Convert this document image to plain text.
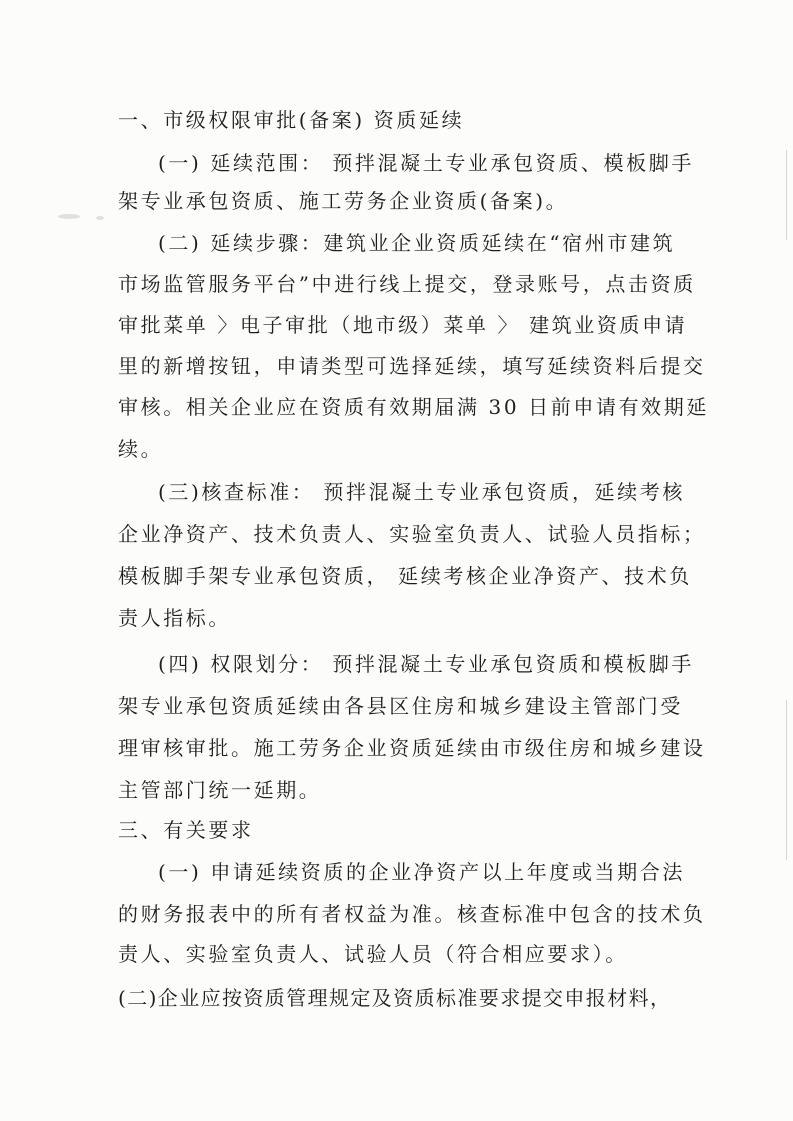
一、市级权限审批(备案) 资质延续
(一) 延续范围： 预拌混凝土专业承包资质、模板脚手
架专业承包资质、施工劳务企业资质(备案)。
(二) 延续步骤：建筑业企业资质延续在“宿州市建筑
市场监管服务平台”中进行线上提交，登录账号，点击资质
审批菜单 〉电子审批（地市级）菜单 〉 建筑业资质申请
里的新增按钮，申请类型可选择延续，填写延续资料后提交
审核。相关企业应在资质有效期届满 30 日前申请有效期延
续。
(三)核查标准： 预拌混凝土专业承包资质，延续考核
企业净资产、技术负责人、实验室负责人、试验人员指标；
模板脚手架专业承包资质， 延续考核企业净资产、技术负
责人指标。
(四) 权限划分： 预拌混凝土专业承包资质和模板脚手
架专业承包资质延续由各县区住房和城乡建设主管部门受
理审核审批。施工劳务企业资质延续由市级住房和城乡建设
主管部门统一延期。
三、有关要求
(一) 申请延续资质的企业净资产以上年度或当期合法
的财务报表中的所有者权益为准。核查标准中包含的技术负
责人、实验室负责人、试验人员（符合相应要求）。
(二)企业应按资质管理规定及资质标准要求提交申报材料，
